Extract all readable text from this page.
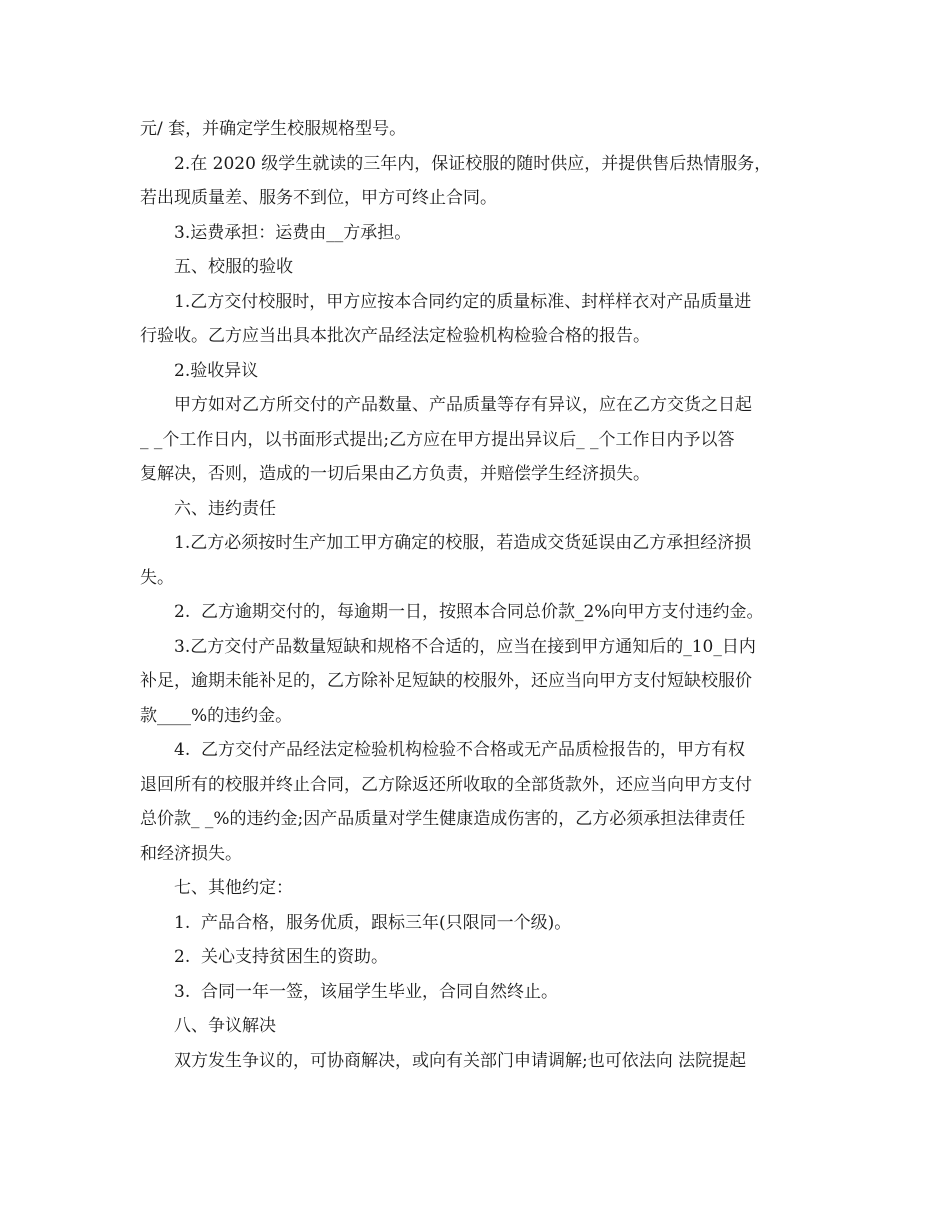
元/ 套，并确定学生校服规格型号。
2.在 2020 级学生就读的三年内，保证校服的随时供应，并提供售后热情服务，
若出现质量差、服务不到位，甲方可终止合同。
3.运费承担：运费由__方承担。
五、校服的验收
1.乙方交付校服时，甲方应按本合同约定的质量标准、封样样衣对产品质量进
行验收。乙方应当出具本批次产品经法定检验机构检验合格的报告。
2.验收异议
甲方如对乙方所交付的产品数量、产品质量等存有异议，应在乙方交货之日起
_ _个工作日内，以书面形式提出;乙方应在甲方提出异议后_ _个工作日内予以答
复解决，否则，造成的一切后果由乙方负责，并赔偿学生经济损失。
六、违约责任
1.乙方必须按时生产加工甲方确定的校服，若造成交货延误由乙方承担经济损
失。
2.  乙方逾期交付的，每逾期一日，按照本合同总价款_2%向甲方支付违约金。
3.乙方交付产品数量短缺和规格不合适的，应当在接到甲方通知后的_10_日内
补足，逾期未能补足的，乙方除补足短缺的校服外，还应当向甲方支付短缺校服价
款____%的违约金。
4.  乙方交付产品经法定检验机构检验不合格或无产品质检报告的，甲方有权
退回所有的校服并终止合同，乙方除返还所收取的全部货款外，还应当向甲方支付
总价款_ _%的违约金;因产品质量对学生健康造成伤害的，乙方必须承担法律责任
和经济损失。
七、其他约定：
1.  产品合格，服务优质，跟标三年(只限同一个级)。
2.  关心支持贫困生的资助。
3.  合同一年一签，该届学生毕业，合同自然终止。
八、争议解决
双方发生争议的，可协商解决，或向有关部门申请调解;也可依法向 法院提起
